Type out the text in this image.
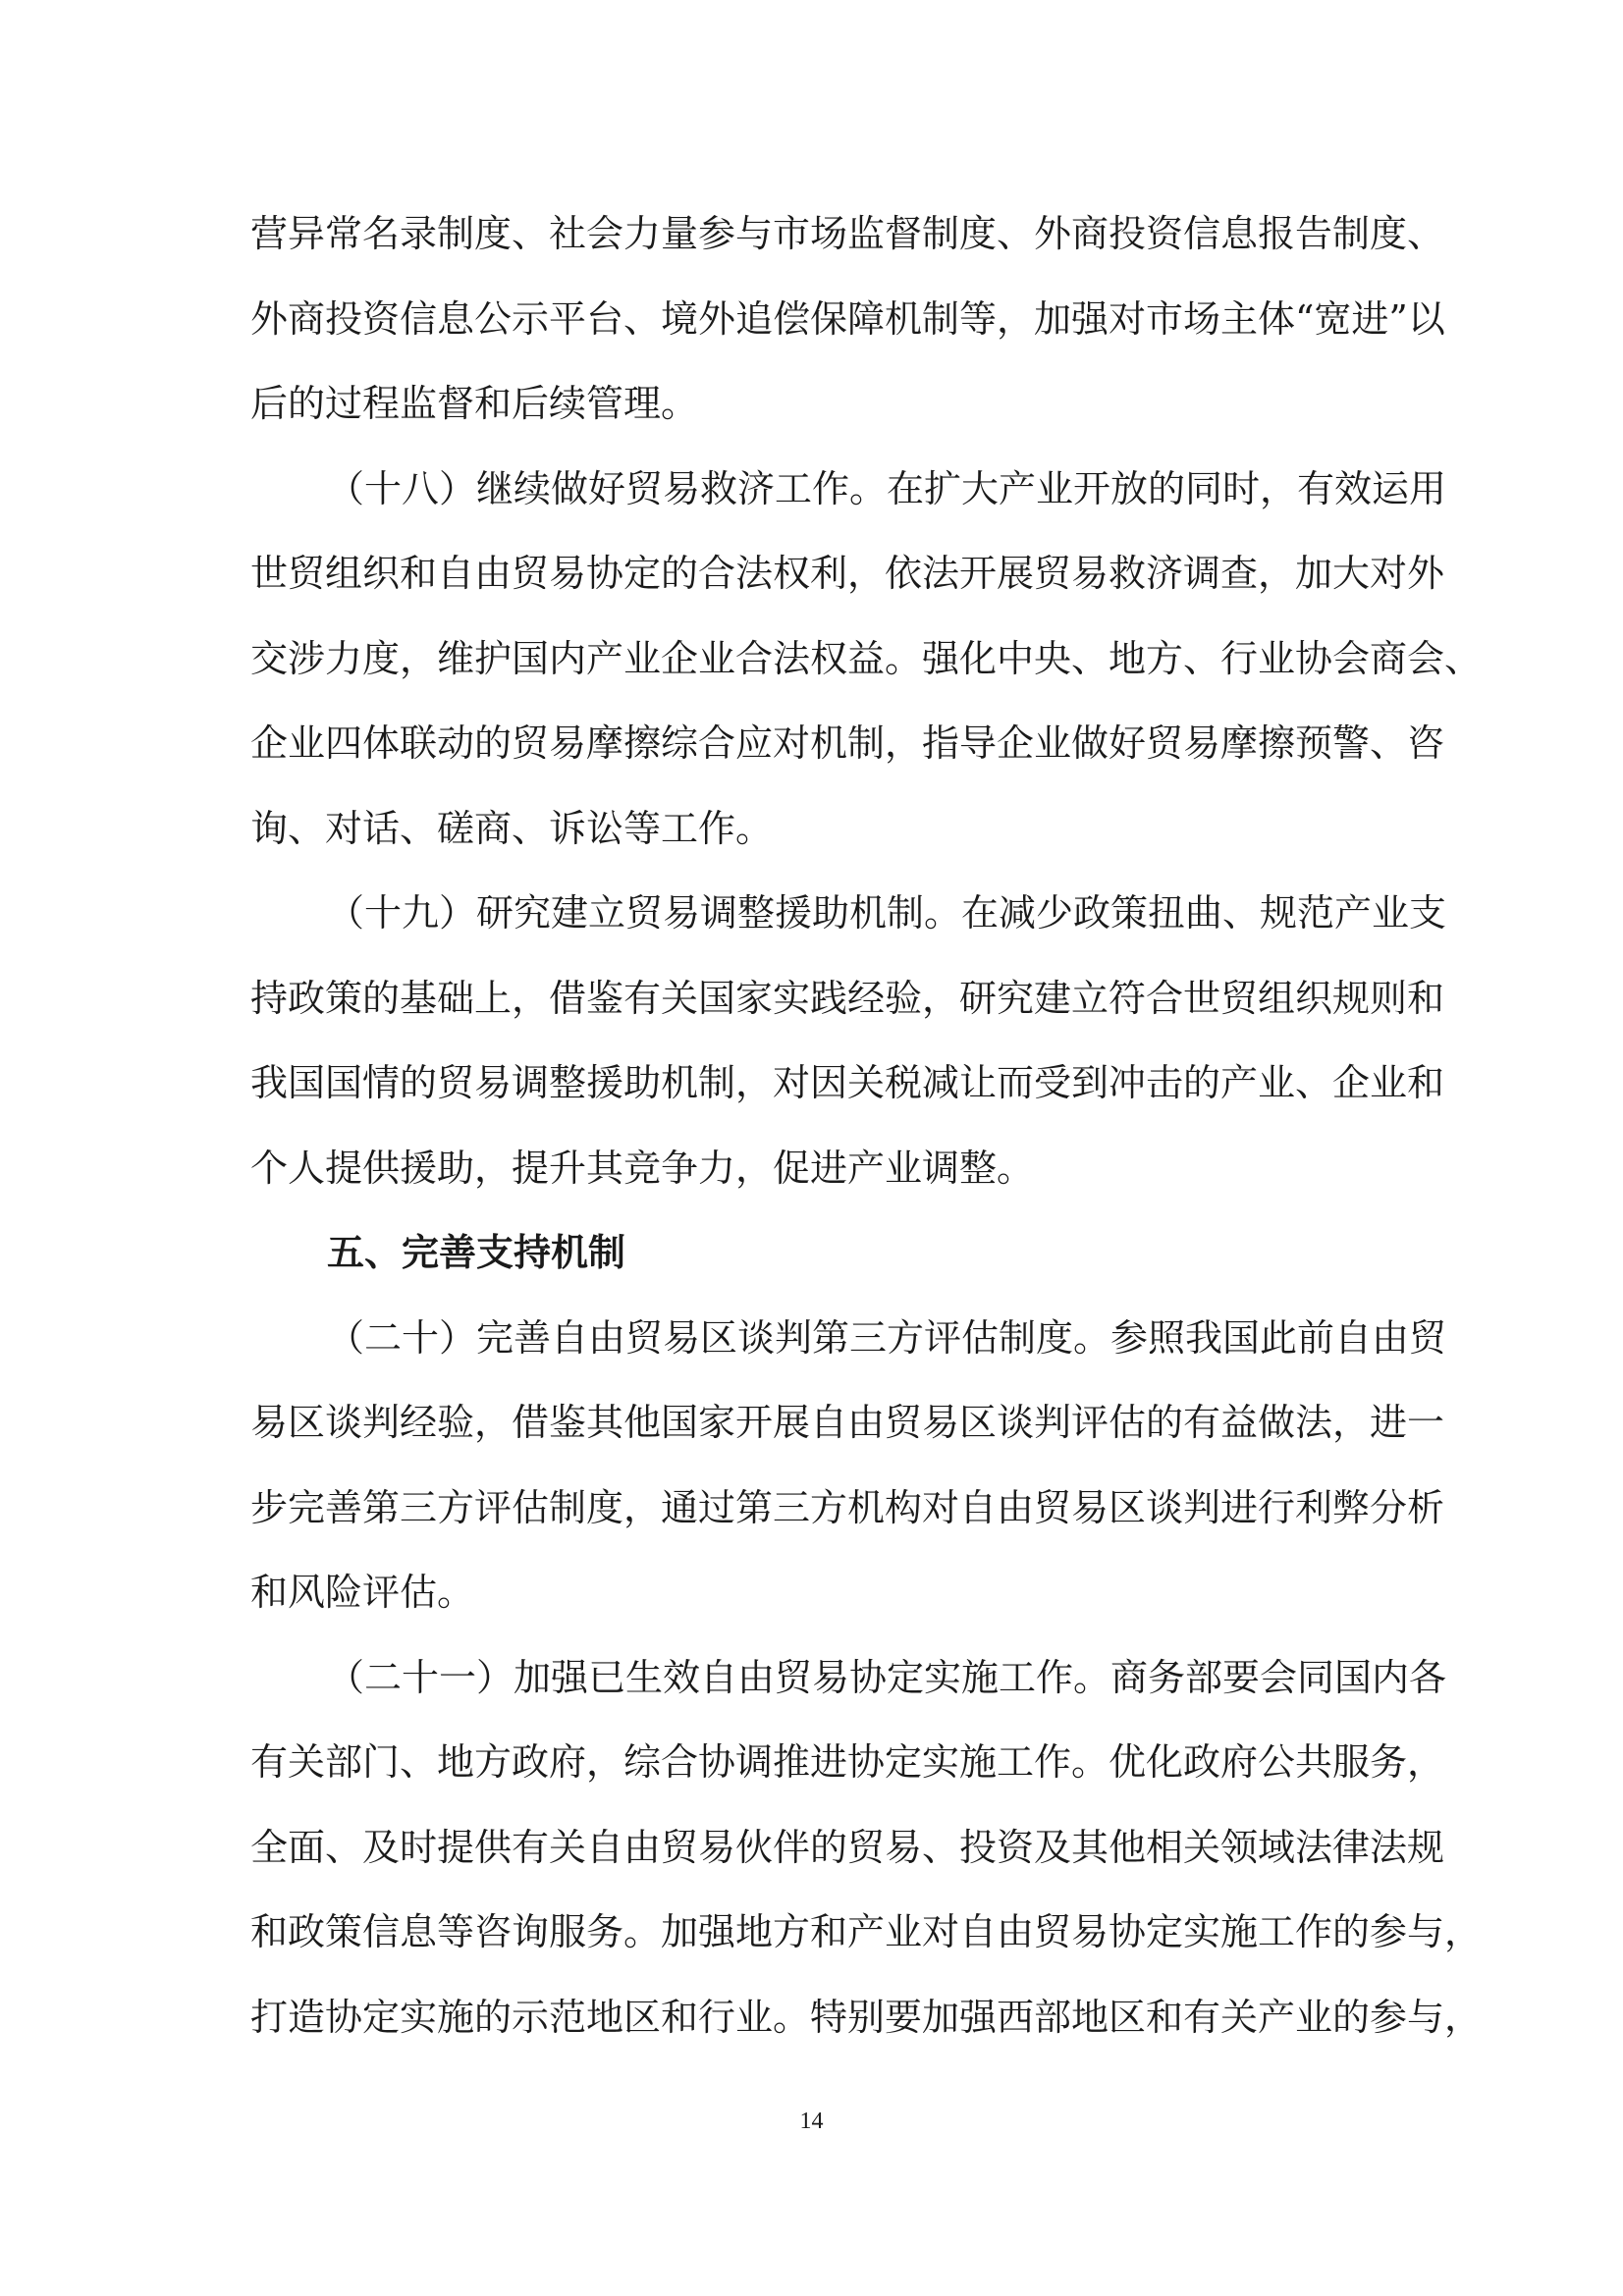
营异常名录制度、社会力量参与市场监督制度、外商投资信息报告制度、
外商投资信息公示平台、境外追偿保障机制等，加强对市场主体“宽进”以
后的过程监督和后续管理。
（十八）继续做好贸易救济工作。在扩大产业开放的同时，有效运用
世贸组织和自由贸易协定的合法权利，依法开展贸易救济调查，加大对外
交涉力度，维护国内产业企业合法权益。强化中央、地方、行业协会商会、
企业四体联动的贸易摩擦综合应对机制，指导企业做好贸易摩擦预警、咨
询、对话、磋商、诉讼等工作。
（十九）研究建立贸易调整援助机制。在减少政策扭曲、规范产业支
持政策的基础上，借鉴有关国家实践经验，研究建立符合世贸组织规则和
我国国情的贸易调整援助机制，对因关税减让而受到冲击的产业、企业和
个人提供援助，提升其竞争力，促进产业调整。
五、完善支持机制
（二十）完善自由贸易区谈判第三方评估制度。参照我国此前自由贸
易区谈判经验，借鉴其他国家开展自由贸易区谈判评估的有益做法，进一
步完善第三方评估制度，通过第三方机构对自由贸易区谈判进行利弊分析
和风险评估。
（二十一）加强已生效自由贸易协定实施工作。商务部要会同国内各
有关部门、地方政府，综合协调推进协定实施工作。优化政府公共服务，
全面、及时提供有关自由贸易伙伴的贸易、投资及其他相关领域法律法规
和政策信息等咨询服务。加强地方和产业对自由贸易协定实施工作的参与，
打造协定实施的示范地区和行业。特别要加强西部地区和有关产业的参与，
14
